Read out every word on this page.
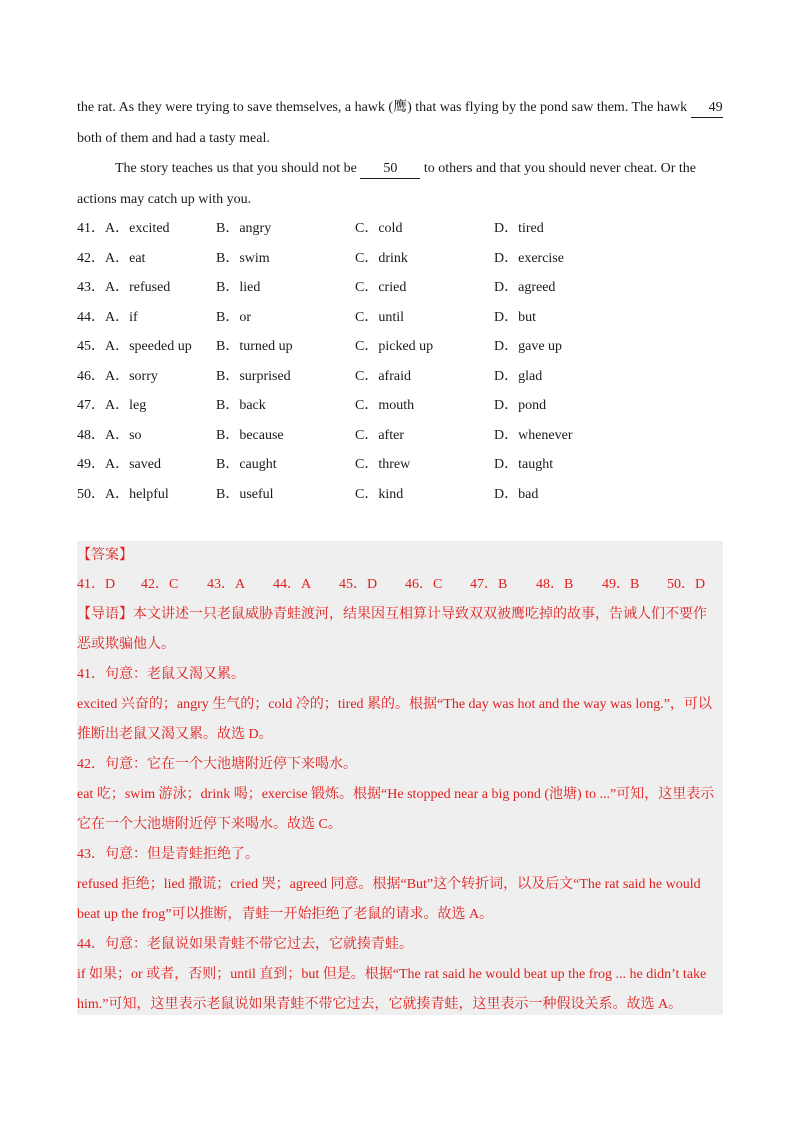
the rat. As they were trying to save themselves, a hawk (鹰) that was flying by the pond saw them. The hawk 49
both of them and had a tasty meal.
The story teaches us that you should not be 50 to others and that you should never cheat. Or the
actions may catch up with you.
41． A．excited	B．angry	C．cold	D．tired
42． A．eat	B．swim	C．drink	D．exercise
43． A．refused	B．lied	C．cried	D．agreed
44． A．if	B．or	C．until	D．but
45． A．speeded up B．turned up	C．picked up	D．gave up
46． A．sorry	B．surprised	C．afraid	D．glad
47． A．leg	B．back	C．mouth	D．pond
48． A．so	B．because	C．after	D．whenever
49． A．saved	B．caught	C．threw	D．taught
50． A．helpful	B．useful	C．kind	D．bad
【答案】
41．D 42．C 43．A 44．A 45．D 46．C 47．B 48．B 49．B 50．D
【导语】本文讲述一只老鼠威胁青蛙渡河，结果因互相算计导致双双被鹰吃掉的故事，告诫人们不要作
恶或欺骗他人。
41．句意：老鼠又渴又累。
excited 兴奋的；angry 生气的；cold 冷的；tired 累的。根据“The day was hot and the way was long.”，可以
推断出老鼠又渴又累。故选 D。
42．句意：它在一个大池塘附近停下来喝水。
eat 吃；swim 游泳；drink 喝；exercise 锻炼。根据“He stopped near a big pond (池塘) to ...”可知，这里表示
它在一个大池塘附近停下来喝水。故选 C。
43．句意：但是青蛙拒绝了。
refused 拒绝；lied 撒谎；cried 哭；agreed 同意。根据“But”这个转折词，以及后文“The rat said he would
beat up the frog”可以推断，青蛙一开始拒绝了老鼠的请求。故选 A。
44．句意：老鼠说如果青蛙不带它过去，它就揍青蛙。
if 如果；or 或者，否则；until 直到；but 但是。根据“The rat said he would beat up the frog ... he didn’t take
him.”可知，这里表示老鼠说如果青蛙不带它过去，它就揍青蛙，这里表示一种假设关系。故选 A。
